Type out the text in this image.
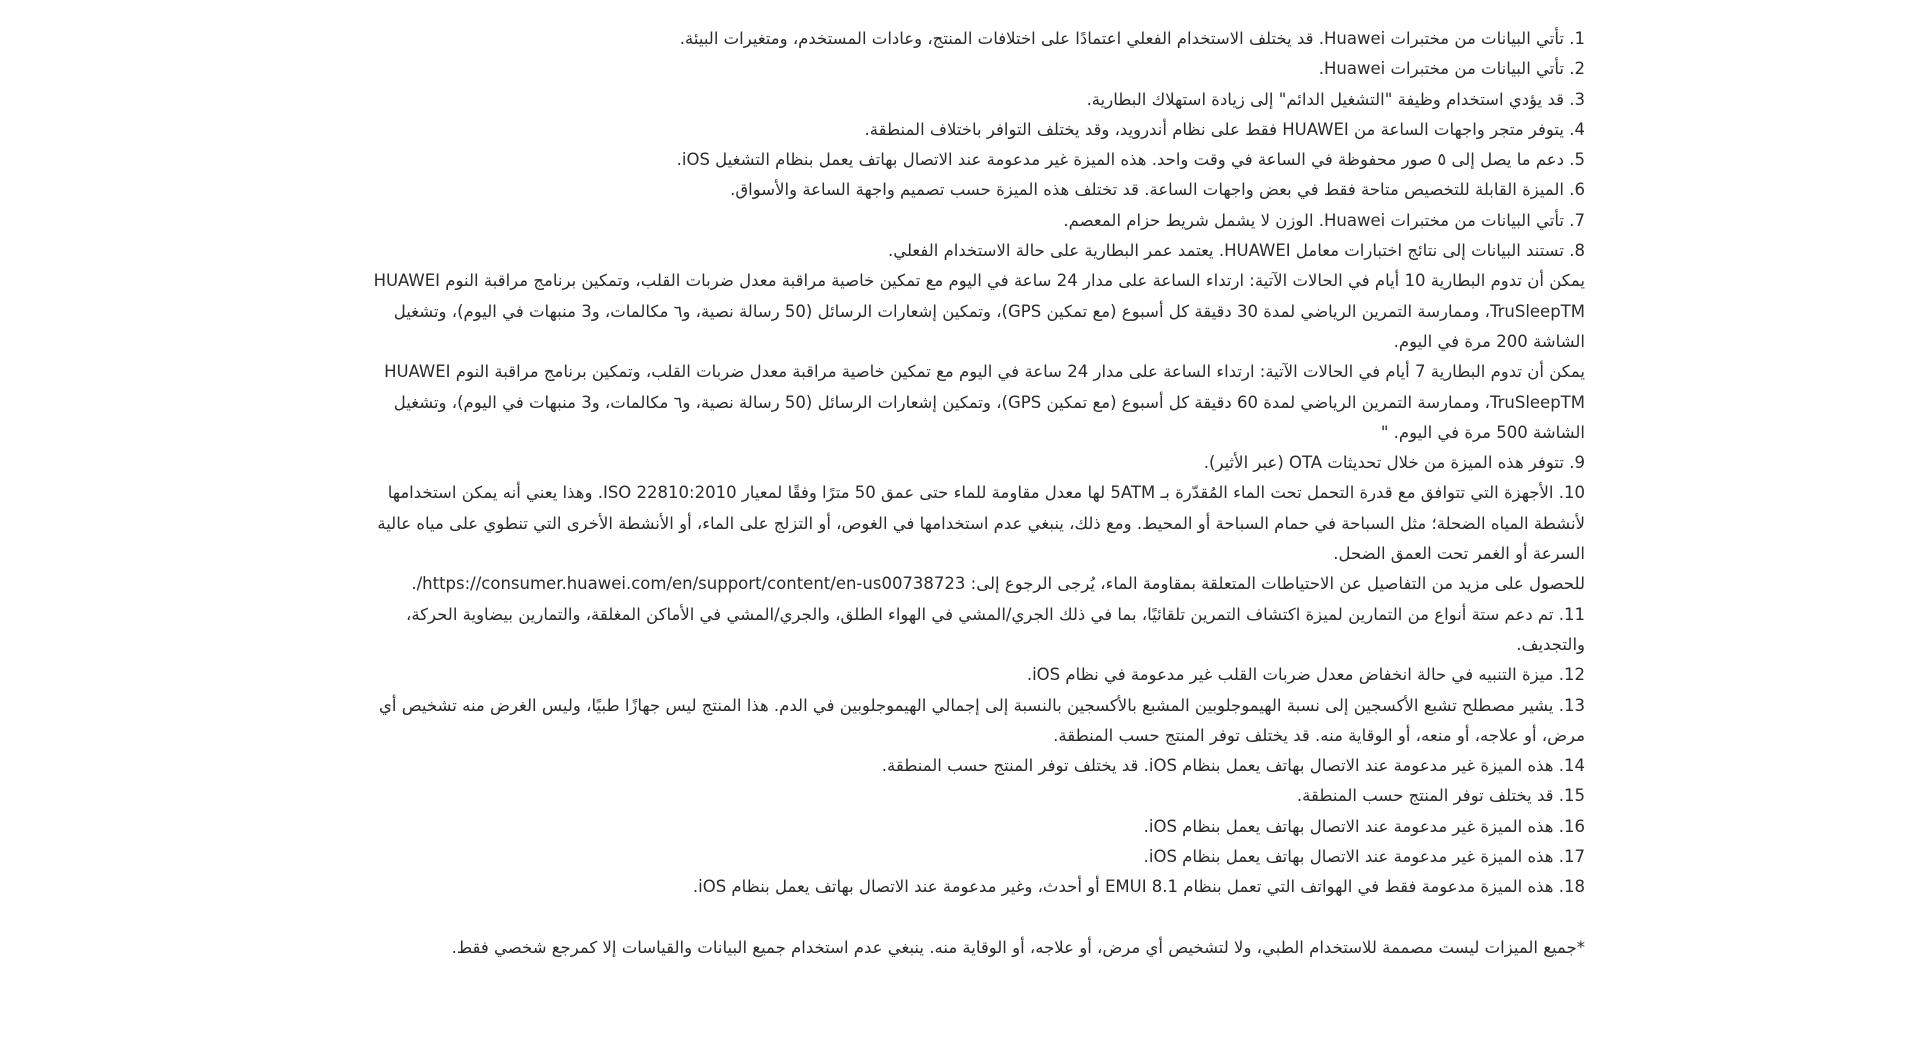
1. تأتي البيانات من مختبرات Huawei. قد يختلف الاستخدام الفعلي اعتمادًا على اختلافات المنتج، وعادات المستخدم، ومتغيرات البيئة.

2. تأتي البيانات من مختبرات Huawei.

3. قد يؤدي استخدام وظيفة "التشغيل الدائم" إلى زيادة استهلاك البطارية.

4. يتوفر متجر واجهات الساعة من HUAWEI فقط على نظام أندرويد، وقد يختلف التوافر باختلاف المنطقة.

5. دعم ما يصل إلى ٥ صور محفوظة في الساعة في وقت واحد. هذه الميزة غير مدعومة عند الاتصال بهاتف يعمل بنظام التشغيل iOS.

6. الميزة القابلة للتخصيص متاحة فقط في بعض واجهات الساعة. قد تختلف هذه الميزة حسب تصميم واجهة الساعة والأسواق.

7. تأتي البيانات من مختبرات Huawei. الوزن لا يشمل شريط حزام المعصم.

8. تستند البيانات إلى نتائج اختبارات معامل HUAWEI. يعتمد عمر البطارية على حالة الاستخدام الفعلي.

يمكن أن تدوم البطارية 10 أيام في الحالات الآتية: ارتداء الساعة على مدار 24 ساعة في اليوم مع تمكين خاصية مراقبة معدل ضربات القلب، وتمكين برنامج مراقبة النوم HUAWEI TruSleepTM، وممارسة التمرين الرياضي لمدة 30 دقيقة كل أسبوع (مع تمكين GPS)، وتمكين إشعارات الرسائل (50 رسالة نصية، و٦ مكالمات، و3 منبهات في اليوم)، وتشغيل الشاشة 200 مرة في اليوم.

يمكن أن تدوم البطارية 7 أيام في الحالات الآتية: ارتداء الساعة على مدار 24 ساعة في اليوم مع تمكين خاصية مراقبة معدل ضربات القلب، وتمكين برنامج مراقبة النوم HUAWEI TruSleepTM، وممارسة التمرين الرياضي لمدة 60 دقيقة كل أسبوع (مع تمكين GPS)، وتمكين إشعارات الرسائل (50 رسالة نصية، و٦ مكالمات، و3 منبهات في اليوم)، وتشغيل الشاشة 500 مرة في اليوم. "

9. تتوفر هذه الميزة من خلال تحديثات OTA (عبر الأثير).

10. الأجهزة التي تتوافق مع قدرة التحمل تحت الماء المُقدّرة بـ 5ATM لها معدل مقاومة للماء حتى عمق 50 مترًا وفقًا لمعيار ISO 22810:2010. وهذا يعني أنه يمكن استخدامها لأنشطة المياه الضحلة؛ مثل السباحة في حمام السباحة أو المحيط. ومع ذلك، ينبغي عدم استخدامها في الغوص، أو التزلج على الماء، أو الأنشطة الأخرى التي تنطوي على مياه عالية السرعة أو الغمر تحت العمق الضحل.

للحصول على مزيد من التفاصيل عن الاحتياطات المتعلقة بمقاومة الماء، يُرجى الرجوع إلى: https://consumer.huawei.com/en/support/content/en-us00738723/.

11. تم دعم ستة أنواع من التمارين لميزة اكتشاف التمرين تلقائيًا، بما في ذلك الجري/المشي في الهواء الطلق، والجري/المشي في الأماكن المغلقة، والتمارين بيضاوية الحركة، والتجديف.

12. ميزة التنبيه في حالة انخفاض معدل ضربات القلب غير مدعومة في نظام iOS.

13. يشير مصطلح تشبع الأكسجين إلى نسبة الهيموجلوبين المشبع بالأكسجين بالنسبة إلى إجمالي الهيموجلوبين في الدم. هذا المنتج ليس جهازًا طبيًا، وليس الغرض منه تشخيص أي مرض، أو علاجه، أو منعه، أو الوقاية منه. قد يختلف توفر المنتج حسب المنطقة.

14. هذه الميزة غير مدعومة عند الاتصال بهاتف يعمل بنظام iOS. قد يختلف توفر المنتج حسب المنطقة.

15. قد يختلف توفر المنتج حسب المنطقة.

16. هذه الميزة غير مدعومة عند الاتصال بهاتف يعمل بنظام iOS.

17. هذه الميزة غير مدعومة عند الاتصال بهاتف يعمل بنظام iOS.

18. هذه الميزة مدعومة فقط في الهواتف التي تعمل بنظام EMUI 8.1 أو أحدث، وغير مدعومة عند الاتصال بهاتف يعمل بنظام iOS.

*جميع الميزات ليست مصممة للاستخدام الطبي، ولا لتشخيص أي مرض، أو علاجه، أو الوقاية منه. ينبغي عدم استخدام جميع البيانات والقياسات إلا كمرجع شخصي فقط.
